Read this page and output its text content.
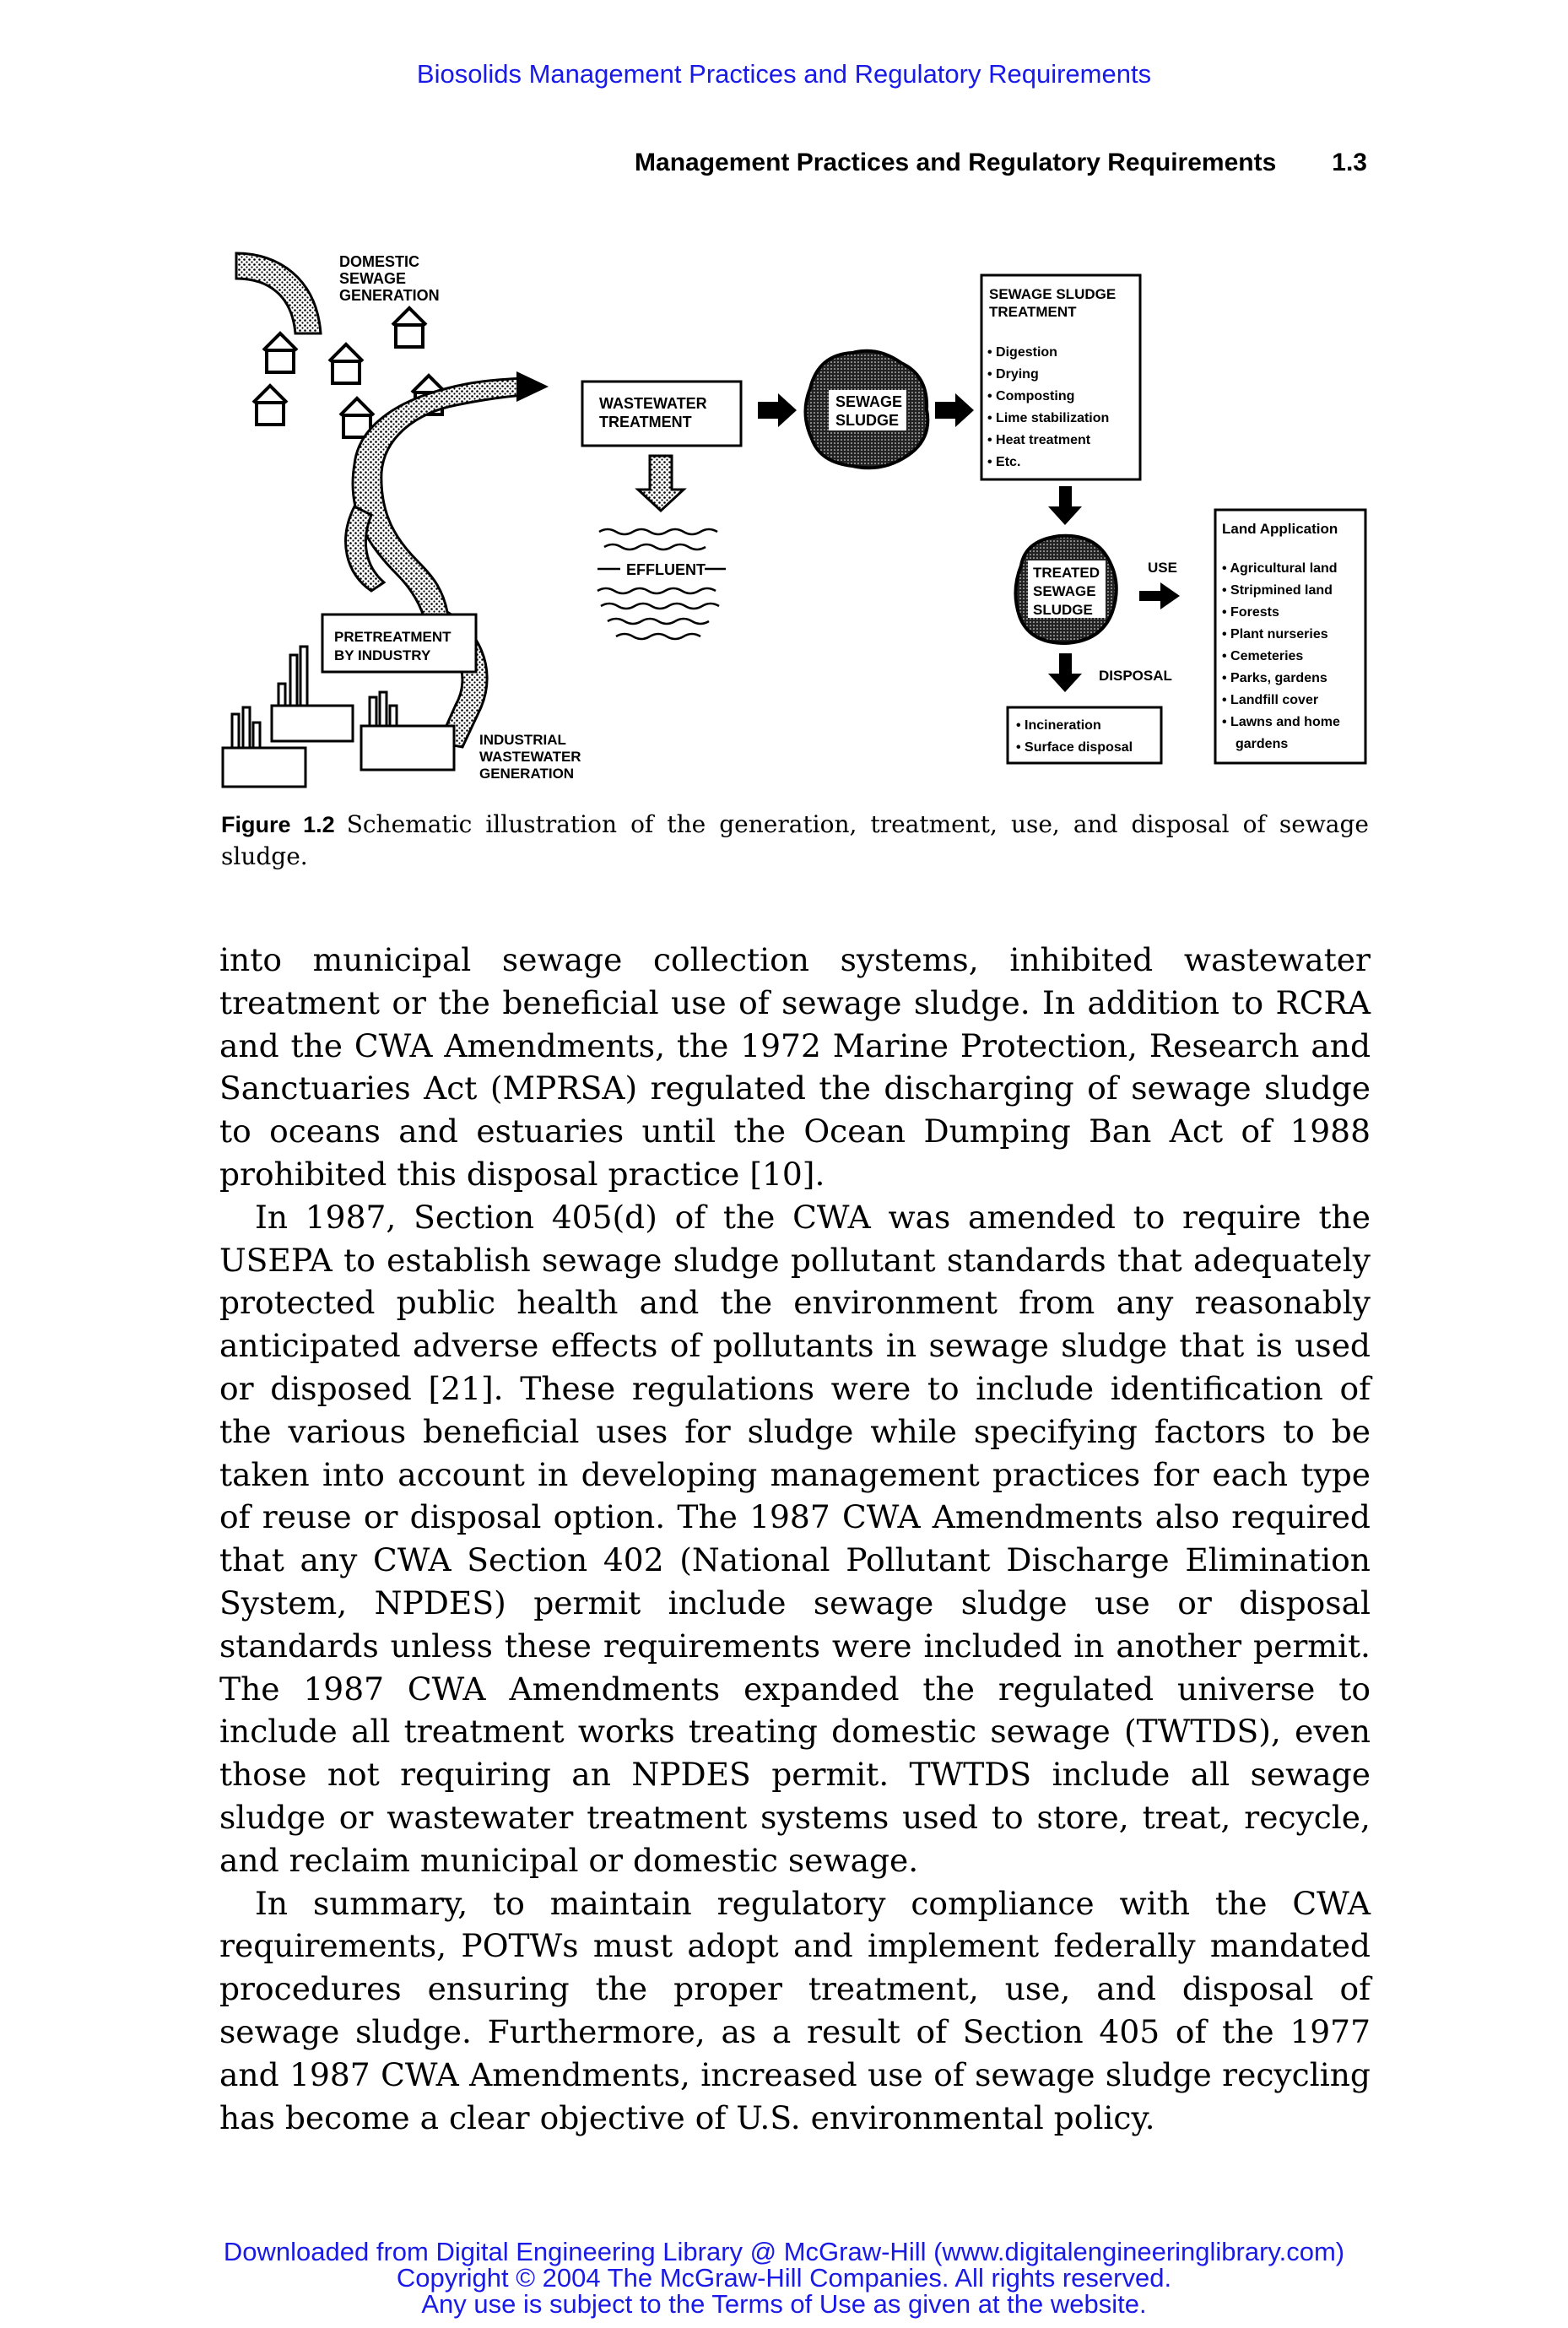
Biosolids Management Practices and Regulatory Requirements
Management Practices and Regulatory Requirements 1.3
DOMESTIC SEWAGE GENERATION
WASTEWATER TREATMENT
SEWAGE SLUDGE
SEWAGE SLUDGE TREATMENT
• Digestion • Drying • Composting • Lime stabilization • Heat treatment • Etc.
EFFLUENT	TREATED SEWAGE SLUDGE
USE
DISPOSAL
• Incineration • Surface disposal
Land Application
• Agricultural land • Stripmined land • Forests • Plant nurseries • Cemeteries • Parks, gardens • Landfill cover • Lawns and home gardens
PRETREATMENT BY INDUSTRY
INDUSTRIAL WASTEWATER GENERATION
Figure 1.2 Schematic illustration of the generation, treatment, use, and disposal of sewage sludge.

into municipal sewage collection systems, inhibited wastewater treatment or the beneficial use of sewage sludge. In addition to RCRA and the CWA Amendments, the 1972 Marine Protection, Research and Sanctuaries Act (MPRSA) regulated the discharging of sewage sludge to oceans and estuaries until the Ocean Dumping Ban Act of 1988 prohibited this disposal practice [10].

In 1987, Section 405(d) of the CWA was amended to require the USEPA to establish sewage sludge pollutant standards that adequately protected public health and the environment from any reasonably anticipated adverse effects of pollutants in sewage sludge that is used or disposed [21]. These regulations were to include identification of the various beneficial uses for sludge while specifying factors to be taken into account in developing management practices for each type of reuse or disposal option. The 1987 CWA Amendments also required that any CWA Section 402 (National Pollutant Discharge Elimination System, NPDES) permit include sewage sludge use or disposal standards unless these requirements were included in another permit. The 1987 CWA Amendments expanded the regulated universe to include all treatment works treating domestic sewage (TWTDS), even those not requiring an NPDES permit. TWTDS include all sewage sludge or wastewater treatment systems used to store, treat, recycle, and reclaim municipal or domestic sewage.

In summary, to maintain regulatory compliance with the CWA requirements, POTWs must adopt and implement federally mandated procedures ensuring the proper treatment, use, and disposal of sewage sludge. Furthermore, as a result of Section 405 of the 1977 and 1987 CWA Amendments, increased use of sewage sludge recycling has become a clear objective of U.S. environmental policy.

Downloaded from Digital Engineering Library @ McGraw-Hill (www.digitalengineeringlibrary.com)
Copyright © 2004 The McGraw-Hill Companies. All rights reserved.
Any use is subject to the Terms of Use as given at the website.
